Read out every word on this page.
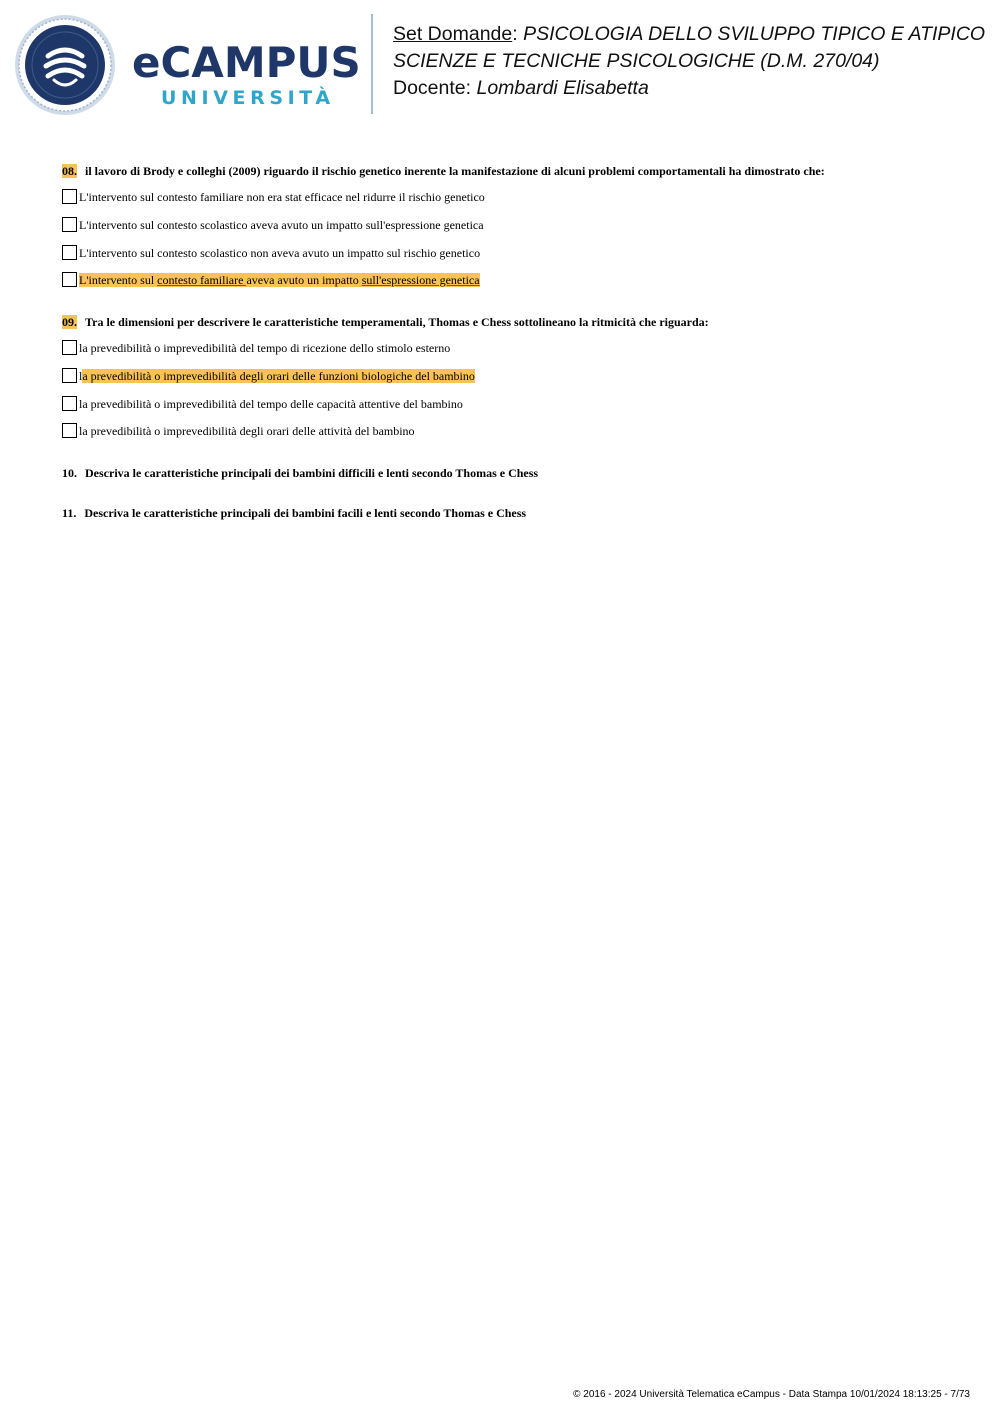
eCAMPUS
UNIVERSITÀ
Set Domande: PSICOLOGIA DELLO SVILUPPO TIPICO E ATIPICO
SCIENZE E TECNICHE PSICOLOGICHE (D.M. 270/04)
Docente: Lombardi Elisabetta
08. il lavoro di Brody e colleghi (2009) riguardo il rischio genetico inerente la manifestazione di alcuni problemi comportamentali ha dimostrato che:
L'intervento sul contesto familiare non era stat efficace nel ridurre il rischio genetico
L'intervento sul contesto scolastico aveva avuto un impatto sull'espressione genetica
L'intervento sul contesto scolastico non aveva avuto un impatto sul rischio genetico
L'intervento sul contesto familiare aveva avuto un impatto sull'espressione genetica
09. Tra le dimensioni per descrivere le caratteristiche temperamentali, Thomas e Chess sottolineano la ritmicità che riguarda:
la prevedibilità o imprevedibilità del tempo di ricezione dello stimolo esterno
la prevedibilità o imprevedibilità degli orari delle funzioni biologiche del bambino
la prevedibilità o imprevedibilità del tempo delle capacità attentive del bambino
la prevedibilità o imprevedibilità degli orari delle attività del bambino
10. Descriva le caratteristiche principali dei bambini difficili e lenti secondo Thomas e Chess
11. Descriva le caratteristiche principali dei bambini facili e lenti secondo Thomas e Chess
© 2016 - 2024 Università Telematica eCampus - Data Stampa 10/01/2024 18:13:25 - 7/73
